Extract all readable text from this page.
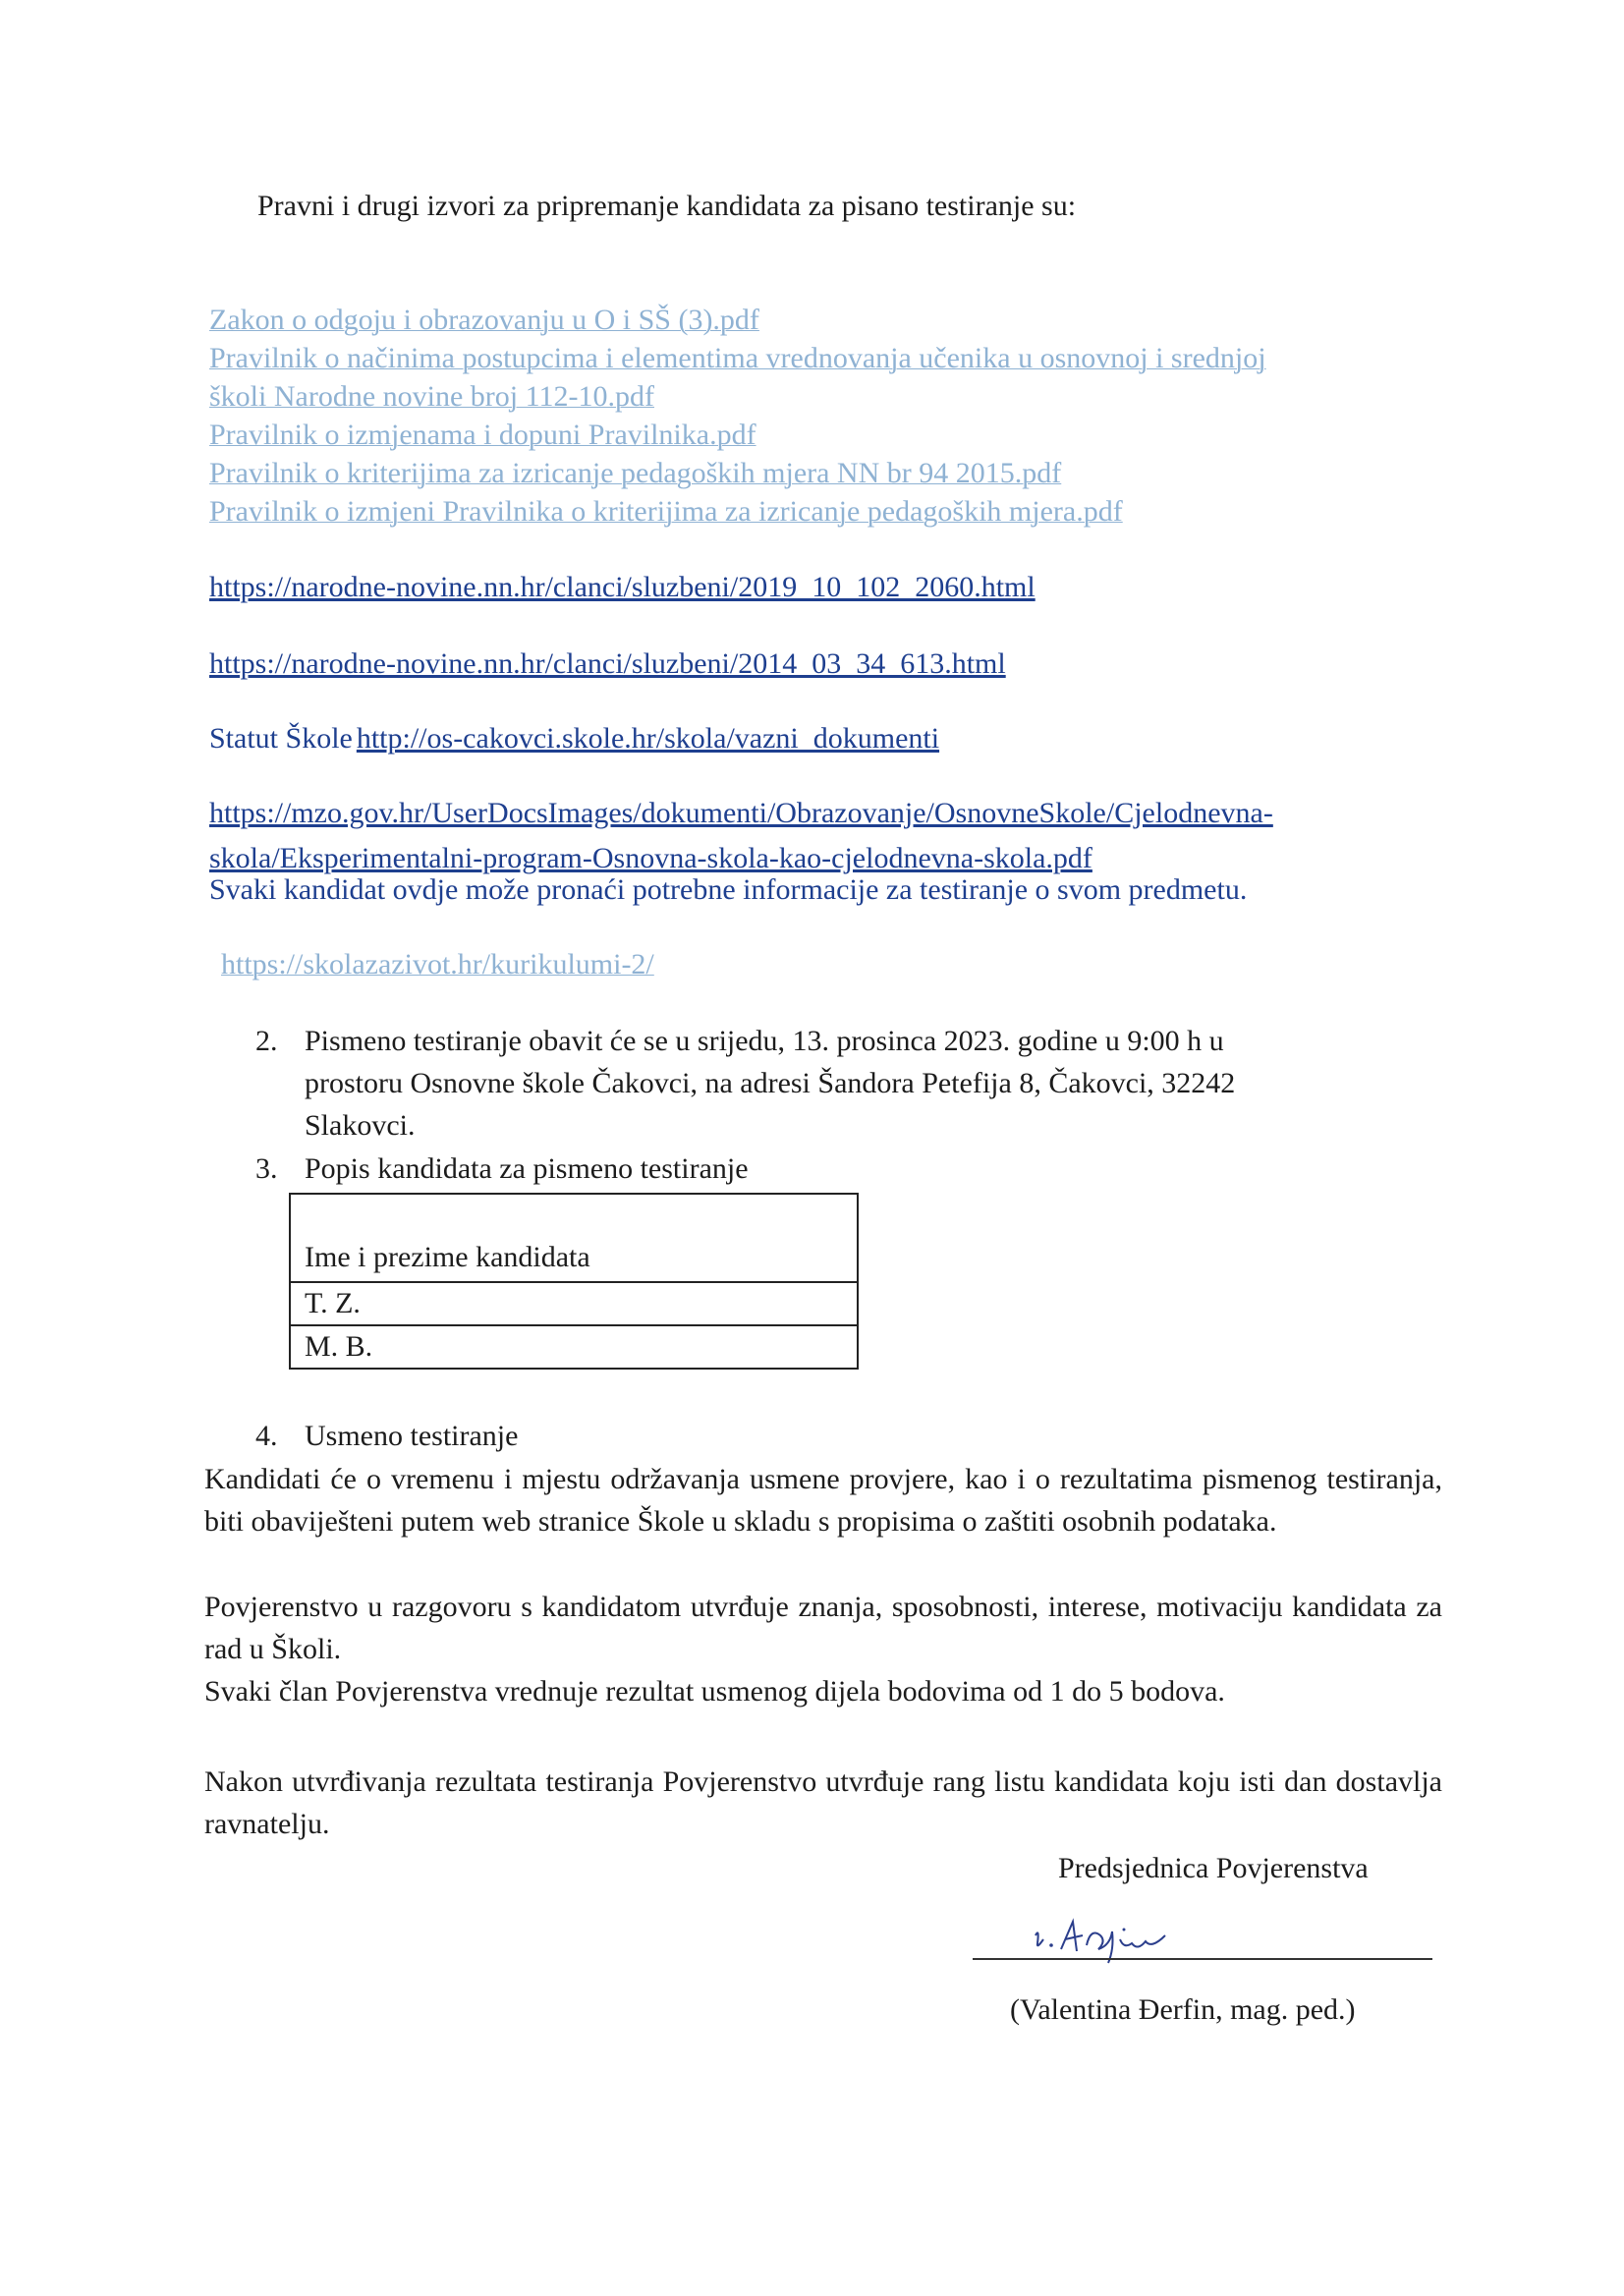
Pravni i drugi izvori za pripremanje kandidata za pisano testiranje su:
Zakon o odgoju i obrazovanju u O i SŠ (3).pdf
Pravilnik o načinima postupcima i elementima vrednovanja učenika u osnovnoj i srednjoj
školi Narodne novine broj 112-10.pdf
Pravilnik o izmjenama i dopuni Pravilnika.pdf
Pravilnik o kriterijima za izricanje pedagoških mjera NN br 94 2015.pdf
Pravilnik o izmjeni Pravilnika o kriterijima za izricanje pedagoških mjera.pdf
https://narodne-novine.nn.hr/clanci/sluzbeni/2019_10_102_2060.html
https://narodne-novine.nn.hr/clanci/sluzbeni/2014_03_34_613.html
Statut Škole http://os-cakovci.skole.hr/skola/vazni_dokumenti
https://mzo.gov.hr/UserDocsImages/dokumenti/Obrazovanje/OsnovneSkole/Cjelodnevna-
skola/Eksperimentalni-program-Osnovna-skola-kao-cjelodnevna-skola.pdf
Svaki kandidat ovdje može pronaći potrebne informacije za testiranje o svom predmetu.
https://skolazazivot.hr/kurikulumi-2/
2. Pismeno testiranje obavit će se u srijedu, 13. prosinca 2023. godine u 9:00 h u
prostoru Osnovne škole Čakovci, na adresi Šandora Petefija 8, Čakovci, 32242
Slakovci.
3. Popis kandidata za pismeno testiranje
Ime i prezime kandidata
T. Z.
M. B.
4. Usmeno testiranje
Kandidati će o vremenu i mjestu održavanja usmene provjere, kao i o rezultatima pismenog testiranja, biti obaviješteni putem web stranice Škole u skladu s propisima o zaštiti osobnih podataka.
Povjerenstvo u razgovoru s kandidatom utvrđuje znanja, sposobnosti, interese, motivaciju kandidata za rad u Školi.
Svaki član Povjerenstva vrednuje rezultat usmenog dijela bodovima od 1 do 5 bodova.
Nakon utvrđivanja rezultata testiranja Povjerenstvo utvrđuje rang listu kandidata koju isti dan dostavlja ravnatelju.
Predsjednica Povjerenstva
(Valentina Đerfin, mag. ped.)
